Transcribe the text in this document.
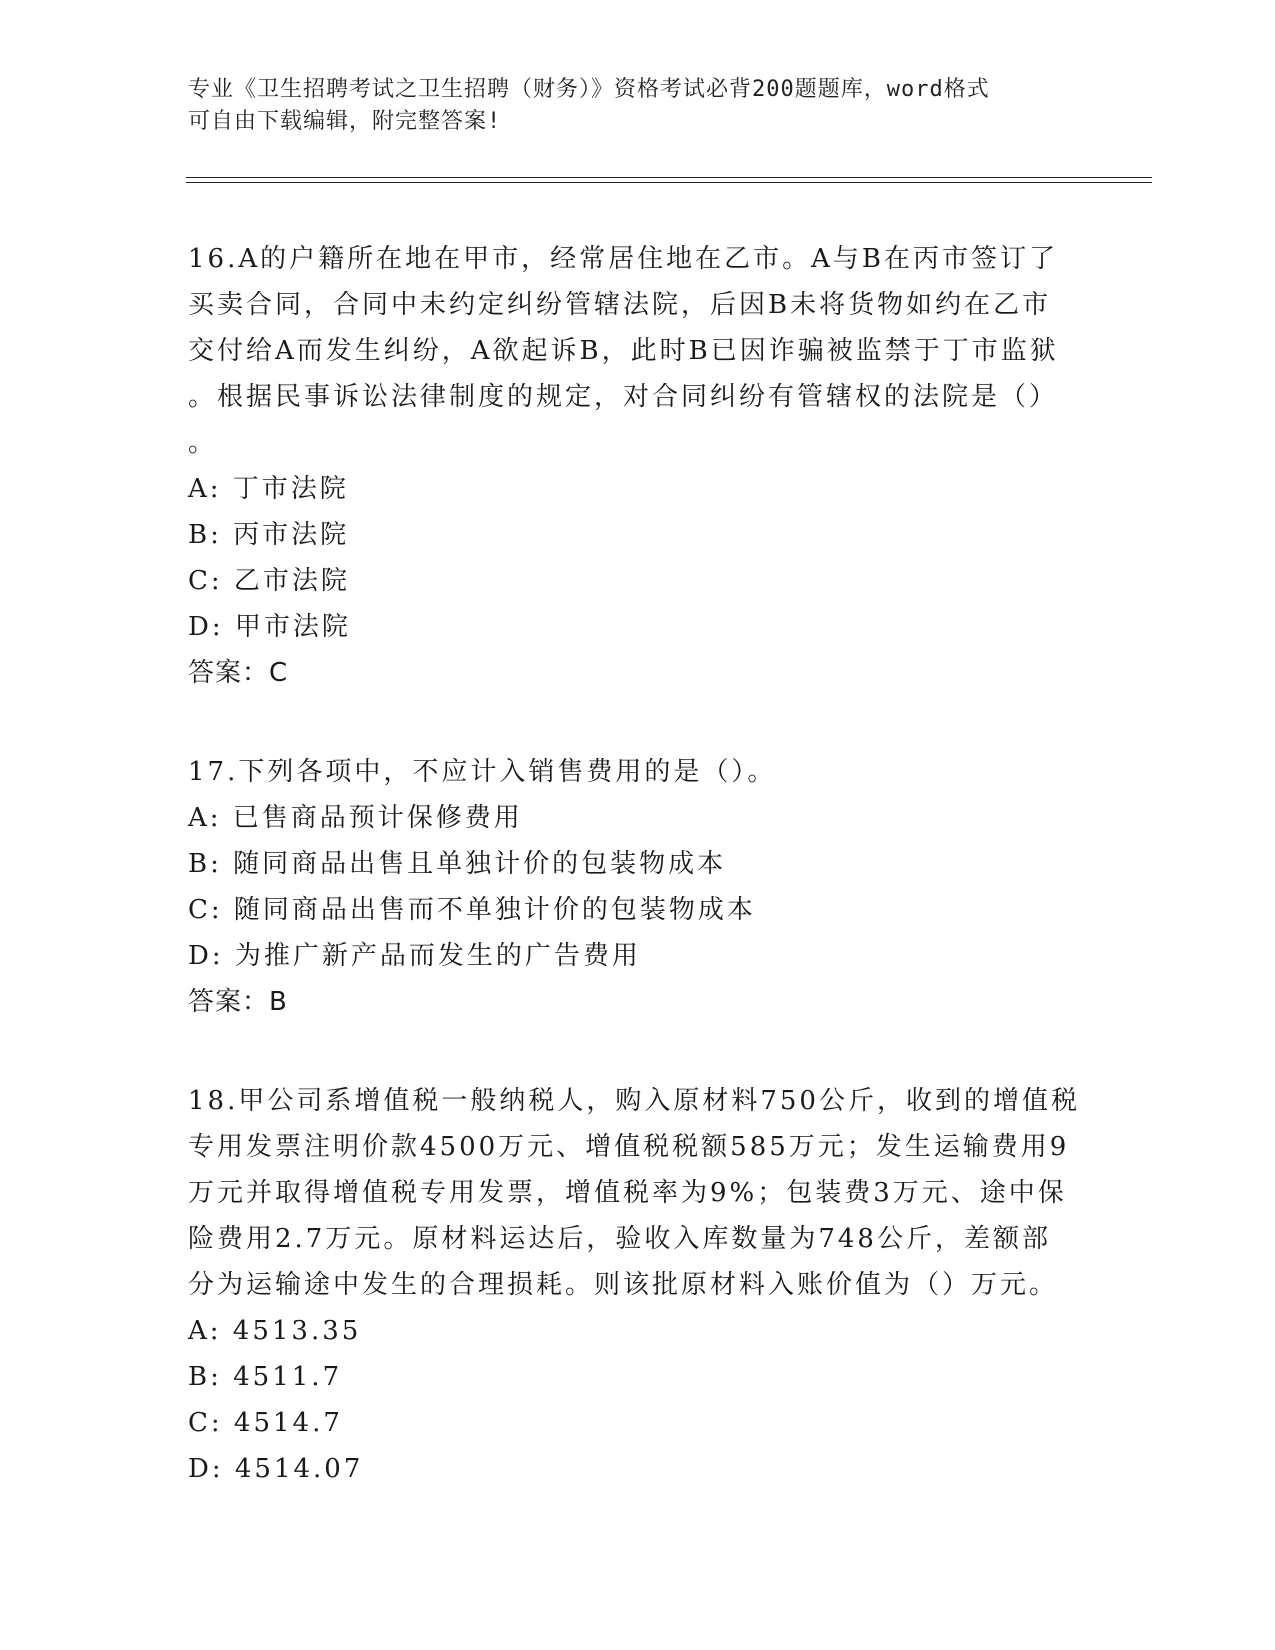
专业《卫生招聘考试之卫生招聘（财务）》资格考试必背200题题库，word格式
可自由下载编辑，附完整答案!
16.A的户籍所在地在甲市，经常居住地在乙市。A与B在丙市签订了
买卖合同，合同中未约定纠纷管辖法院，后因B未将货物如约在乙市
交付给A而发生纠纷，A欲起诉B，此时B已因诈骗被监禁于丁市监狱
。根据民事诉讼法律制度的规定，对合同纠纷有管辖权的法院是（）
。
A: 丁市法院
B: 丙市法院
C: 乙市法院
D: 甲市法院
答案：C
17.下列各项中，不应计入销售费用的是（）。
A: 已售商品预计保修费用
B: 随同商品出售且单独计价的包装物成本
C: 随同商品出售而不单独计价的包装物成本
D: 为推广新产品而发生的广告费用
答案：B
18.甲公司系增值税一般纳税人，购入原材料750公斤，收到的增值税
专用发票注明价款4500万元、增值税税额585万元；发生运输费用9
万元并取得增值税专用发票，增值税率为9%；包装费3万元、途中保
险费用2.7万元。原材料运达后，验收入库数量为748公斤，差额部
分为运输途中发生的合理损耗。则该批原材料入账价值为（）万元。
A: 4513.35
B: 4511.7
C: 4514.7
D: 4514.07
